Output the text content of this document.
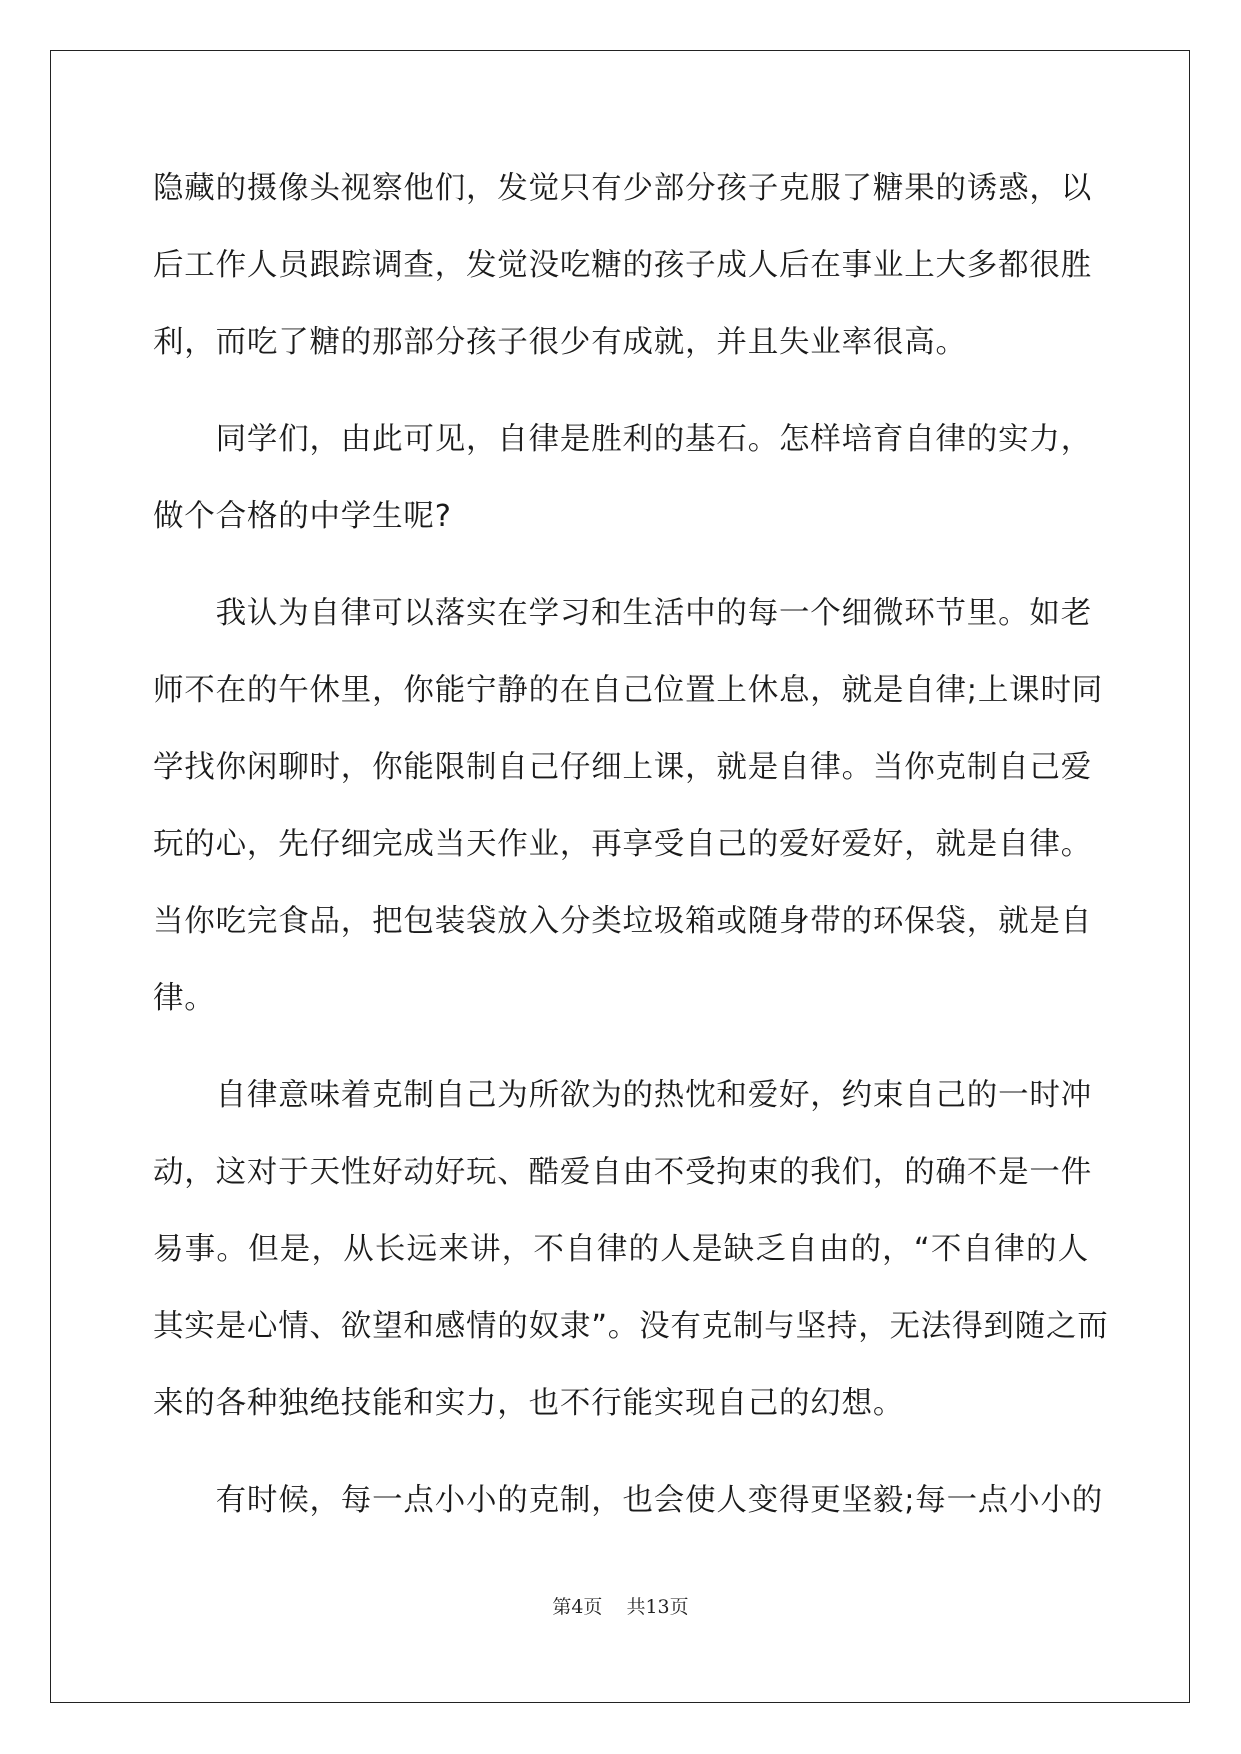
隐藏的摄像头视察他们，发觉只有少部分孩子克服了糖果的诱惑，以
后工作人员跟踪调查，发觉没吃糖的孩子成人后在事业上大多都很胜
利，而吃了糖的那部分孩子很少有成就，并且失业率很高。
　　同学们，由此可见，自律是胜利的基石。怎样培育自律的实力，
做个合格的中学生呢?
　　我认为自律可以落实在学习和生活中的每一个细微环节里。如老
师不在的午休里，你能宁静的在自己位置上休息，就是自律;上课时同
学找你闲聊时，你能限制自己仔细上课，就是自律。当你克制自己爱
玩的心，先仔细完成当天作业，再享受自己的爱好爱好，就是自律。
当你吃完食品，把包装袋放入分类垃圾箱或随身带的环保袋，就是自
律。
　　自律意味着克制自己为所欲为的热忱和爱好，约束自己的一时冲
动，这对于天性好动好玩、酷爱自由不受拘束的我们，的确不是一件
易事。但是，从长远来讲，不自律的人是缺乏自由的，“不自律的人
其实是心情、欲望和感情的奴隶”。没有克制与坚持，无法得到随之而
来的各种独绝技能和实力，也不行能实现自己的幻想。
　　有时候，每一点小小的克制，也会使人变得更坚毅;每一点小小的
第4页 共13页
